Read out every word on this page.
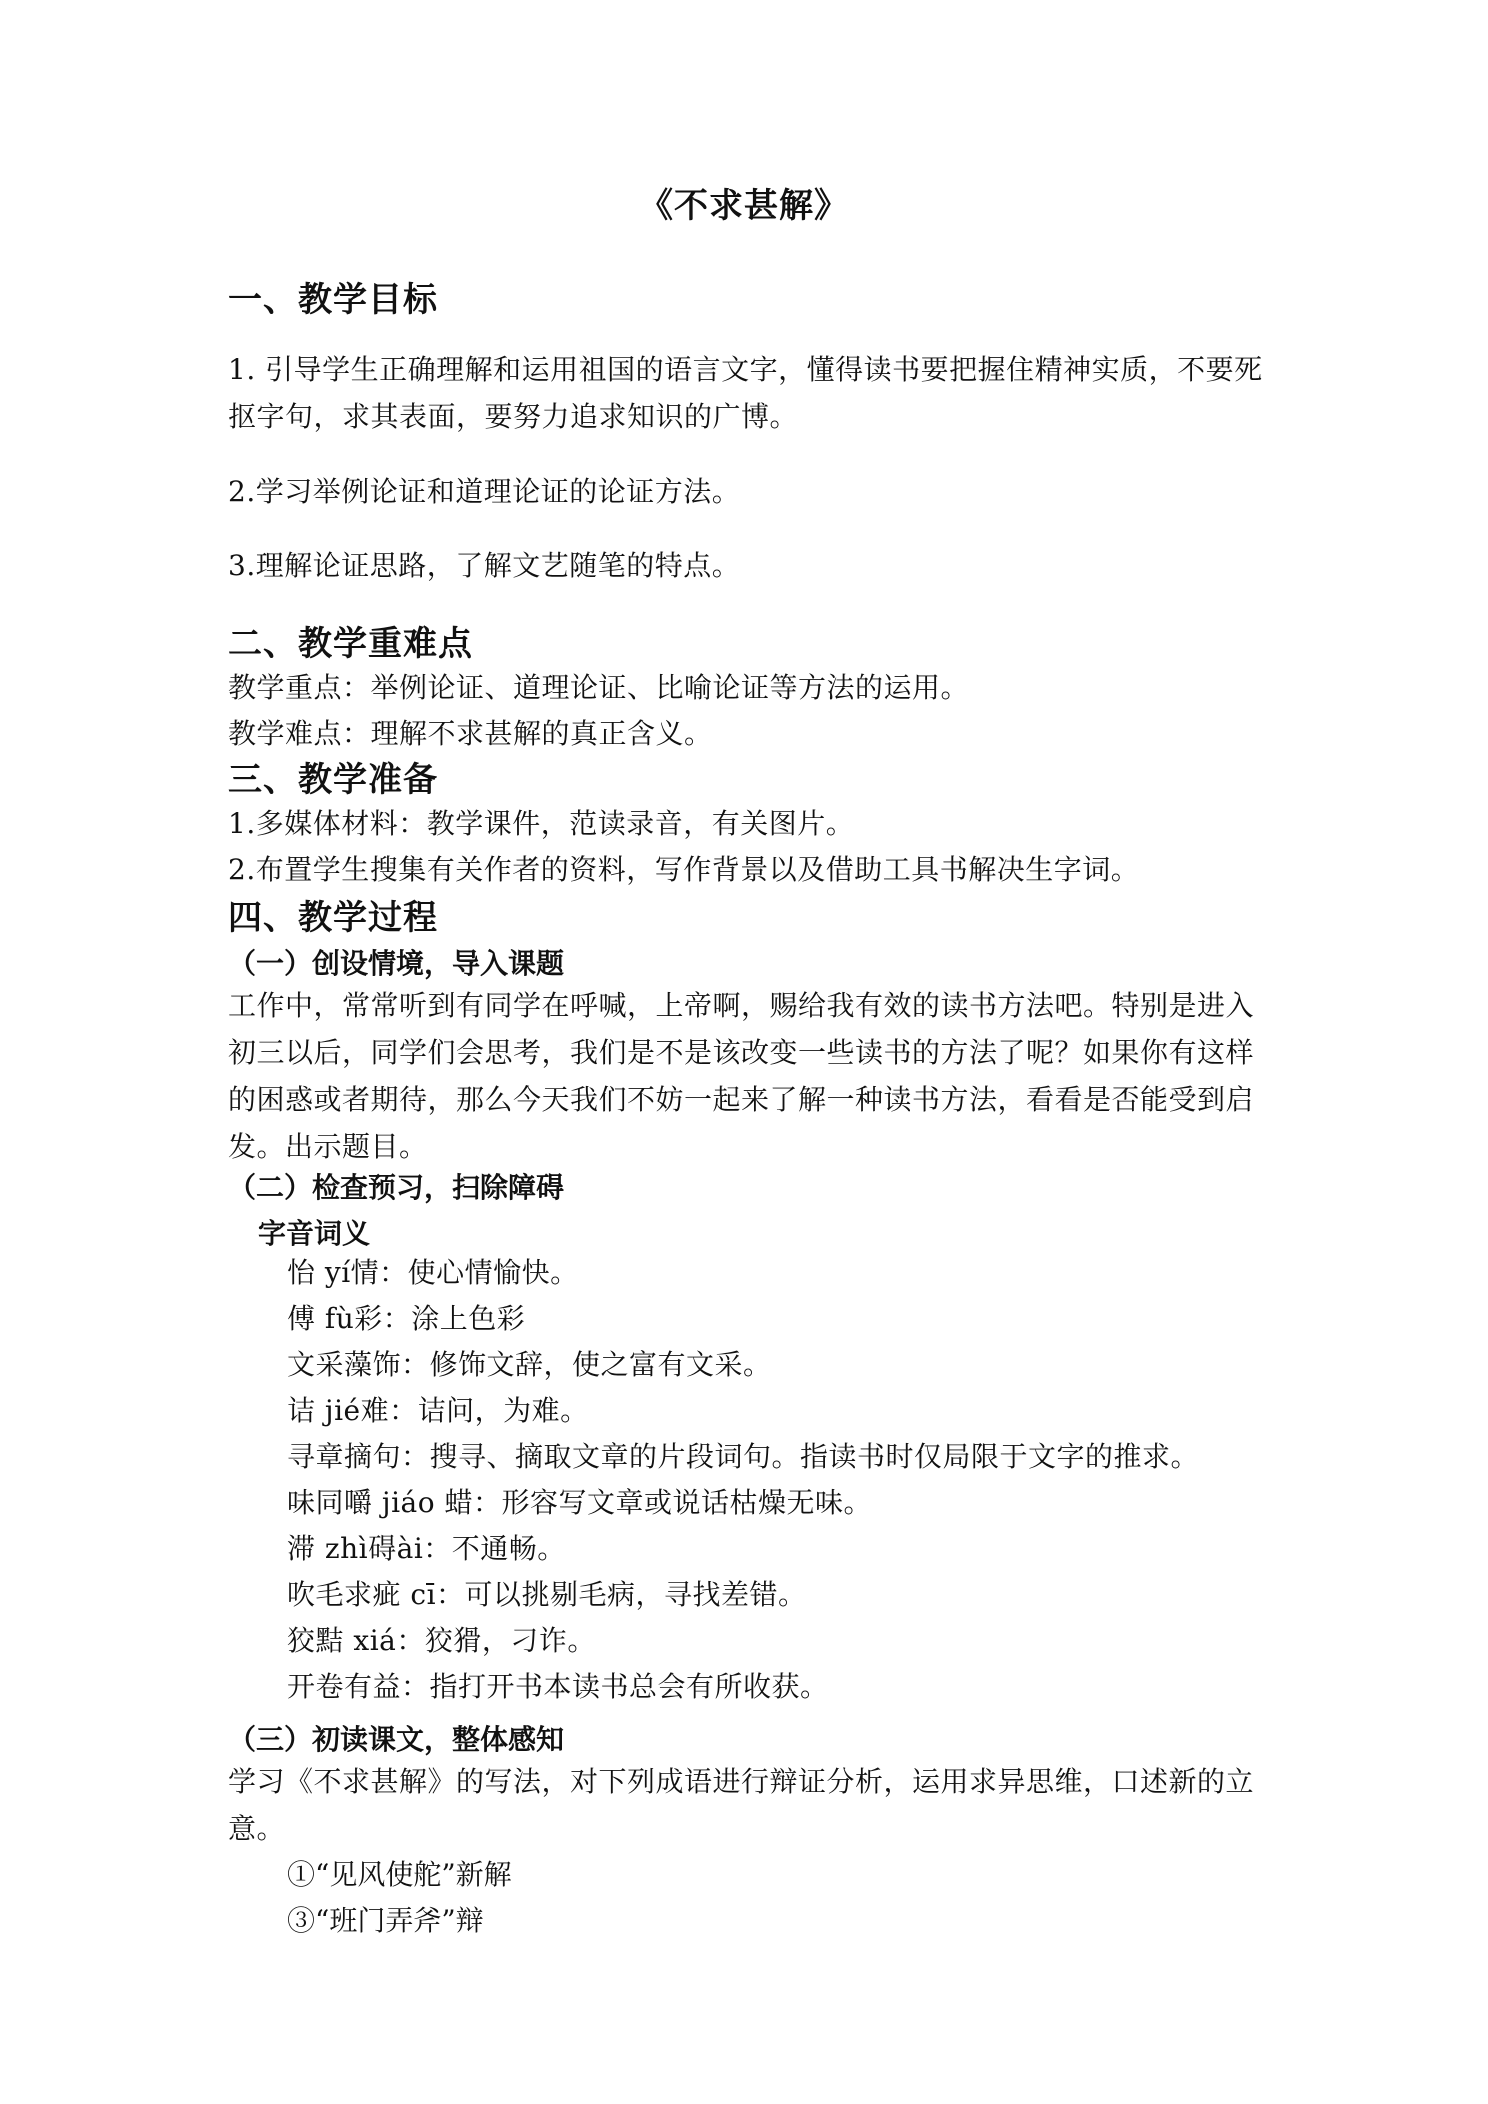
《不求甚解》
一、教学目标
1. 引导学生正确理解和运用祖国的语言文字，懂得读书要把握住精神实质，不要死抠字句，求其表面，要努力追求知识的广博。
2.学习举例论证和道理论证的论证方法。
3.理解论证思路，了解文艺随笔的特点。
二、教学重难点
教学重点：举例论证、道理论证、比喻论证等方法的运用。
教学难点：理解不求甚解的真正含义。
三、教学准备
1.多媒体材料：教学课件，范读录音，有关图片。
2.布置学生搜集有关作者的资料，写作背景以及借助工具书解决生字词。
四、教学过程
（一）创设情境，导入课题
工作中，常常听到有同学在呼喊，上帝啊，赐给我有效的读书方法吧。特别是进入初三以后，同学们会思考，我们是不是该改变一些读书的方法了呢？如果你有这样的困惑或者期待，那么今天我们不妨一起来了解一种读书方法，看看是否能受到启发。出示题目。
（二）检查预习，扫除障碍
字音词义
怡 yí情：使心情愉快。
傅 fù彩：涂上色彩
文采藻饰：修饰文辞，使之富有文采。
诘 jié难：诘问，为难。
寻章摘句：搜寻、摘取文章的片段词句。指读书时仅局限于文字的推求。
味同嚼 jiáo 蜡：形容写文章或说话枯燥无味。
滞 zhì碍ài：不通畅。
吹毛求疵 cī：可以挑剔毛病，寻找差错。
狡黠 xiá：狡猾，刁诈。
开卷有益：指打开书本读书总会有所收获。
（三）初读课文，整体感知
学习《不求甚解》的写法，对下列成语进行辩证分析，运用求异思维，口述新的立意。
①“见风使舵”新解
③“班门弄斧”辩
